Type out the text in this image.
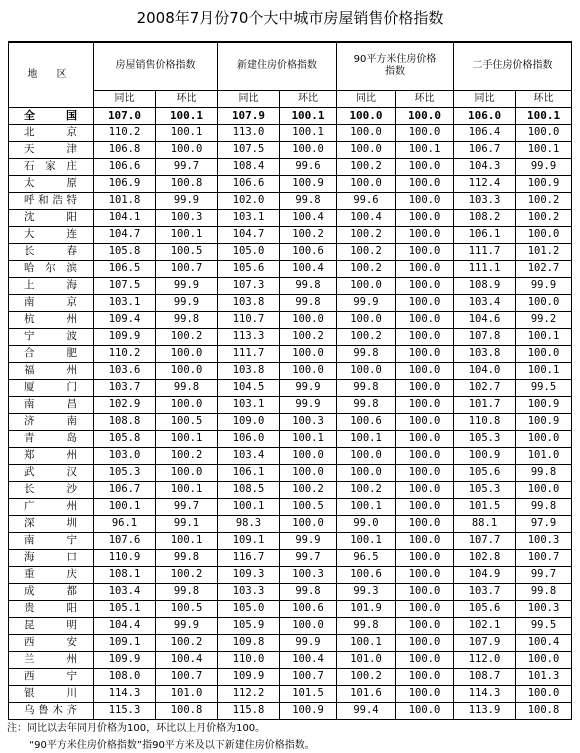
2008年7月份70个大中城市房屋销售价格指数
地 区	房屋销售价格指数		新建住房价格指数		90平方米住房价格指数		二手住房价格指数	
	同比	环比	同比	环比	同比	环比	同比	环比
全 国	107.0	100.1	107.9	100.1	100.0	100.0	106.0	100.1
北京	110.2	100.1	113.0	100.1	100.0	100.0	106.4	100.0
天津	106.8	100.0	107.5	100.0	100.0	100.1	106.7	100.1
石家庄	106.6	99.7	108.4	99.6	100.2	100.0	104.3	99.9
太原	106.9	100.8	106.6	100.9	100.0	100.0	112.4	100.9
呼和浩特	101.8	99.9	102.0	99.8	99.6	100.0	103.3	100.2
沈阳	104.1	100.3	103.1	100.4	100.4	100.0	108.2	100.2
大连	104.7	100.1	104.7	100.2	100.2	100.0	106.1	100.0
长春	105.8	100.5	105.0	100.6	100.2	100.0	111.7	101.2
哈尔滨	106.5	100.7	105.6	100.4	100.2	100.0	111.1	102.7
上海	107.5	99.9	107.3	99.8	100.0	100.0	108.9	99.9
南京	103.1	99.9	103.8	99.8	99.9	100.0	103.4	100.0
杭州	109.4	99.8	110.7	100.0	100.0	100.0	104.6	99.2
宁波	109.9	100.2	113.3	100.2	100.2	100.0	107.8	100.1
合肥	110.2	100.0	111.7	100.0	99.8	100.0	103.8	100.0
福州	103.6	100.0	103.8	100.0	100.0	100.0	104.0	100.1
厦门	103.7	99.8	104.5	99.9	99.8	100.0	102.7	99.5
南昌	102.9	100.0	103.1	99.9	99.8	100.0	101.7	100.9
济南	108.8	100.5	109.0	100.3	100.6	100.0	110.8	100.9
青岛	105.8	100.1	106.0	100.1	100.1	100.0	105.3	100.0
郑州	103.0	100.2	103.4	100.0	100.0	100.0	100.9	101.0
武汉	105.3	100.0	106.1	100.0	100.0	100.0	105.6	99.8
长沙	106.7	100.1	108.5	100.2	100.2	100.0	105.3	100.0
广州	100.1	99.7	100.1	100.5	100.1	100.0	101.5	99.8
深圳	96.1	99.1	98.3	100.0	99.0	100.0	88.1	97.9
南宁	107.6	100.1	109.1	99.9	100.1	100.0	107.7	100.3
海口	110.9	99.8	116.7	99.7	96.5	100.0	102.8	100.7
重庆	108.1	100.2	109.3	100.3	100.6	100.0	104.9	99.7
成都	103.4	99.8	103.3	99.8	99.3	100.0	103.7	99.8
贵阳	105.1	100.5	105.0	100.6	101.9	100.0	105.6	100.3
昆明	104.4	99.9	105.9	100.0	99.8	100.0	102.1	99.5
西安	109.1	100.2	109.8	99.9	100.1	100.0	107.9	100.4
兰州	109.9	100.4	110.0	100.4	101.0	100.0	112.0	100.0
西宁	108.0	100.7	109.9	100.7	100.2	100.0	108.7	101.3
银川	114.3	101.0	112.2	101.5	101.6	100.0	114.3	100.0
乌鲁木齐	115.3	100.8	115.8	100.9	99.4	100.0	113.9	100.8
注：同比以去年同月价格为100，环比以上月价格为100。
“90平方米住房价格指数”指90平方米及以下新建住房价格指数。
